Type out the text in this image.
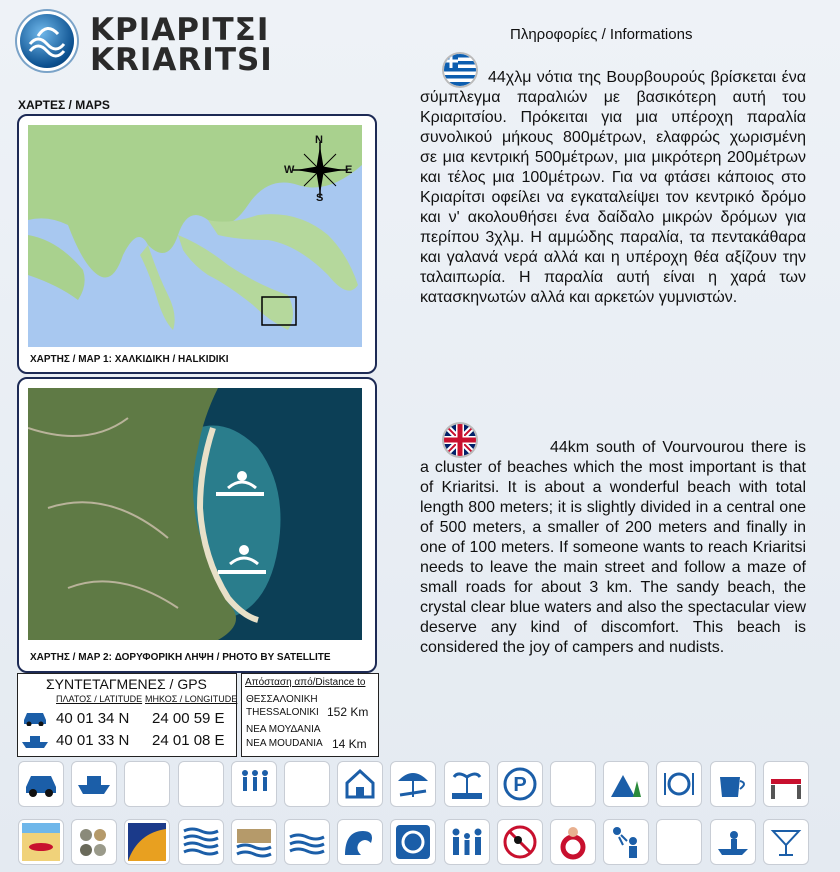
ΚΡΙΑΡΙΤΣΙ
KRIARITSI
Πληροφορίες / Informations
ΧΑΡΤΕΣ / MAPS
N
S
E
W
ΧΑΡΤΗΣ / MAP 1: ΧΑΛΚΙΔΙΚΗ / HALKIDIKI
ΧΑΡΤΗΣ / MAP 2: ΔΟΡΥΦΟΡΙΚΗ ΛΗΨΗ / PHOTO BY SATELLITE
ΣΥΝΤΕΤΑΓΜΕΝΕΣ / GPS
ΠΛΑΤΟΣ / LATITUDE ΜΗΚΟΣ / LONGITUDE
40 01 34 N 24 00 59 E
40 01 33 N 24 01 08 E
Απόσταση από/Distance to
ΘΕΣΣΑΛΟΝΙΚΗ
THESSALONIKI 152 Km
ΝΕΑ ΜΟΥΔΑΝΙΑ
NEA MOUDANIA 14 Km
44χλμ νότια της Βουρβουρούς βρίσκεται ένα σύμπλεγμα παραλιών με βασικότερη αυτή του Κριαριτσίου. Πρόκειται για μια υπέροχη παραλία συνολικού μήκους 800μέτρων, ελαφρώς χωρισμένη σε μια κεντρική 500μέτρων, μια μικρότερη 200μέτρων και τέλος μια 100μέτρων. Για να φτάσει κάποιος στο Κριαρίτσι οφείλει να εγκαταλείψει τον κεντρικό δρόμο και ν' ακολουθήσει ένα δαίδαλο μικρών δρόμων για περίπου 3χλμ. Η αμμώδης παραλία, τα πεντακάθαρα και γαλανά νερά αλλά και η υπέροχη θέα αξίζουν την ταλαιπωρία. Η παραλία αυτή είναι η χαρά των κατασκηνωτών αλλά και αρκετών γυμνιστών.
44km south of Vourvourou there is a cluster of beaches which the most important is that of Kriaritsi. It is about a wonderful beach with total length 800 meters; it is slightly divided in a central one of 500 meters, a smaller of 200 meters and finally in one of 100 meters. If someone wants to reach Kriaritsi needs to leave the main street and follow a maze of small roads for about 3 km. The sandy beach, the crystal clear blue waters and also the spectacular view deserve any kind of discomfort. This beach is considered the joy of campers and nudists.
P
